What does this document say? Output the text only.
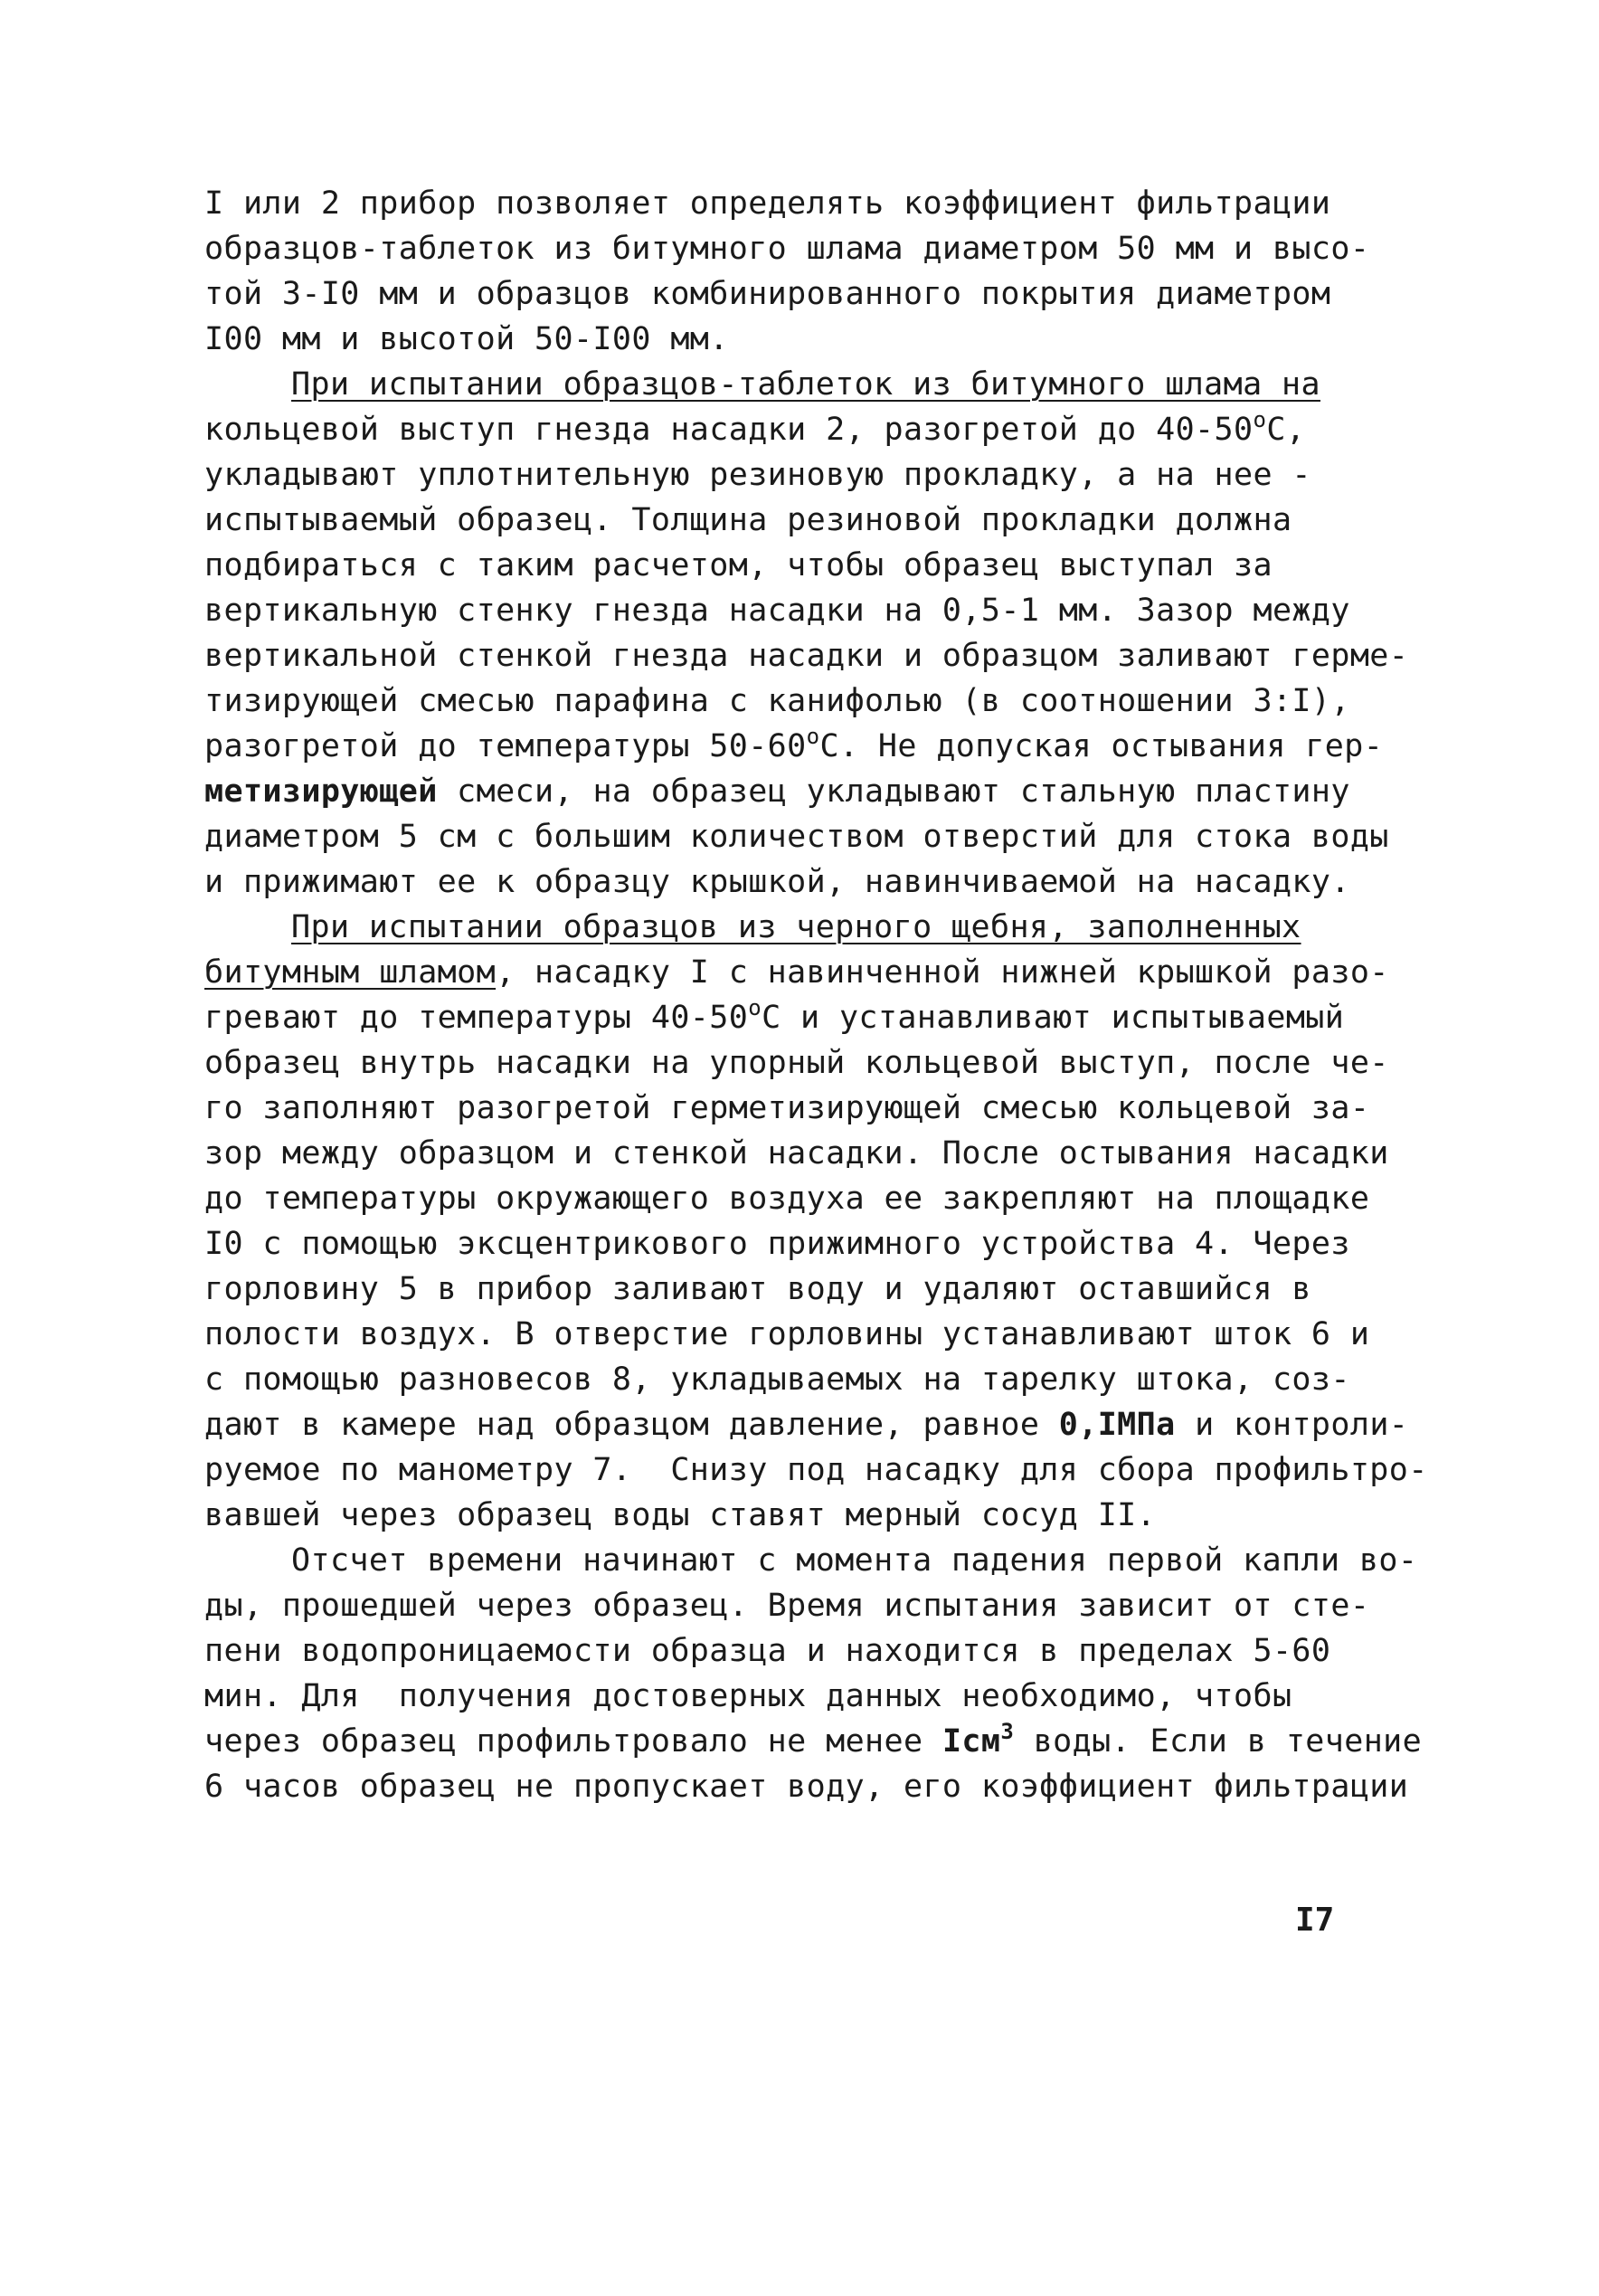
I или 2 прибор позволяет определять коэффициент фильтрации
образцов-таблеток из битумного шлама диаметром 50 мм и высо-
той 3-I0 мм и образцов комбинированного покрытия диаметром
I00 мм и высотой 50-I00 мм.
При испытании образцов-таблеток из битумного шлама на
кольцевой выступ гнезда насадки 2, разогретой до $40-50^оС$,
укладывают уплотнительную резиновую прокладку, а на нее -
испытываемый образец. Толщина резиновой прокладки должна
подбираться с таким расчетом, чтобы образец выступал за
вертикальную стенку гнезда насадки на 0,5-1 мм. Зазор между
вертикальной стенкой гнезда насадки и образцом заливают герме-
тизирующей смесью парафина с канифолью (в соотношении 3:I),
разогретой до температуры $50-60^оС$. Не допуская остывания гер-
метизирующей смеси, на образец укладывают стальную пластину
диаметром 5 см с большим количеством отверстий для стока воды
и прижимают ее к образцу крышкой, навинчиваемой на насадку.
При испытании образцов из черного щебня, заполненных
битумным шламом, насадку I с навинченной нижней крышкой разо-
гревают до температуры $40-50^оС$ и устанавливают испытываемый
образец внутрь насадки на упорный кольцевой выступ, после че-
го заполняют разогретой герметизирующей смесью кольцевой за-
зор между образцом и стенкой насадки. После остывания насадки
до температуры окружающего воздуха ее закрепляют на площадке
I0 с помощью эксцентрикового прижимного устройства 4. Через
горловину 5 в прибор заливают воду и удаляют оставшийся в
полости воздух. В отверстие горловины устанавливают шток 6 и
с помощью разновесов 8, укладываемых на тарелку штока, соз-
дают в камере над образцом давление, равное 0,IМПа и контроли-
руемое по манометру 7.  Снизу под насадку для сбора профильтро-
вавшей через образец воды ставят мерный сосуд II.
Отсчет времени начинают с момента падения первой капли во-
ды, прошедшей через образец. Время испытания зависит от сте-
пени водопроницаемости образца и находится в пределах 5-60
мин. Для  получения достоверных данных необходимо, чтобы
через образец профильтровало не менее Iсм$^3$ воды. Если в течение
6 часов образец не пропускает воду, его коэффициент фильтрации
I7
